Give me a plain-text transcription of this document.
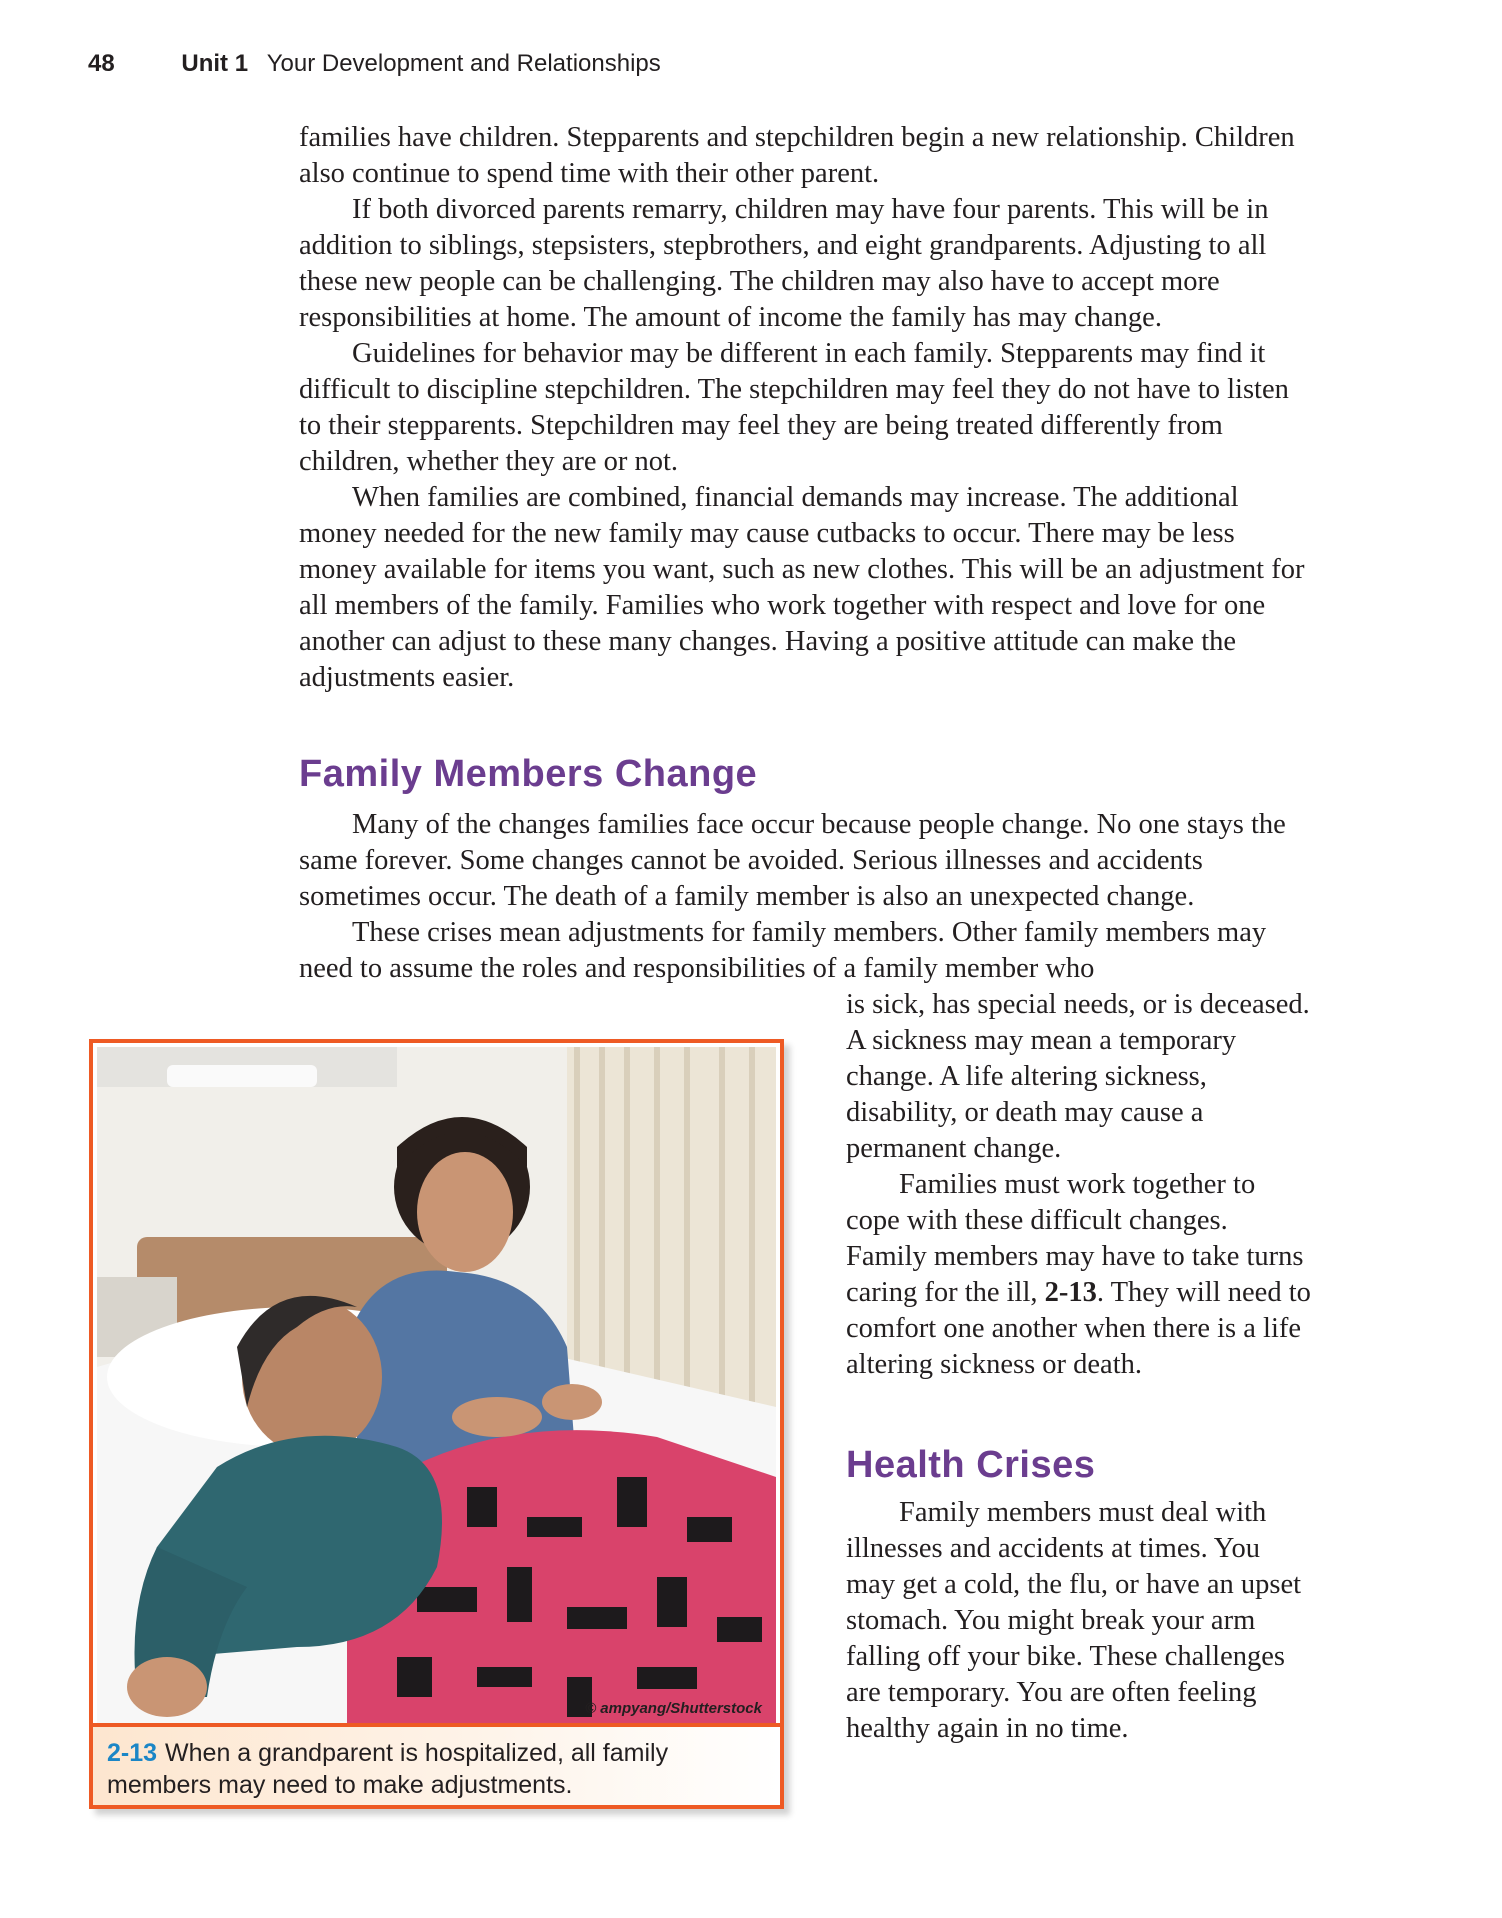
48	Unit 1 Your Development and Relationships

families have children. Stepparents and stepchildren begin a new relationship. Children also continue to spend time with their other parent.

If both divorced parents remarry, children may have four parents. This will be in addition to siblings, stepsisters, stepbrothers, and eight grandparents. Adjusting to all these new people can be challenging. The children may also have to accept more responsibilities at home. The amount of income the family has may change.

Guidelines for behavior may be different in each family. Stepparents may find it difficult to discipline stepchildren. The stepchildren may feel they do not have to listen to their stepparents. Stepchildren may feel they are being treated differently from children, whether they are or not.

When families are combined, financial demands may increase. The additional money needed for the new family may cause cutbacks to occur. There may be less money available for items you want, such as new clothes. This will be an adjustment for all members of the family. Families who work together with respect and love for one another can adjust to these many changes. Having a positive attitude can make the adjustments easier.

Family Members Change

Many of the changes families face occur because people change. No one stays the same forever. Some changes cannot be avoided. Serious illnesses and accidents sometimes occur. The death of a family member is also an unexpected change.

These crises mean adjustments for family members. Other family members may need to assume the roles and responsibilities of a family member who

is sick, has special needs, or is deceased. A sickness may mean a temporary change. A life altering sickness, disability, or death may cause a permanent change.

Families must work together to cope with these difficult changes. Family members may have to take turns caring for the ill, 2-13. They will need to comfort one another when there is a life altering sickness or death.

Health Crises

Family members must deal with illnesses and accidents at times. You may get a cold, the flu, or have an upset stomach. You might break your arm falling off your bike. These challenges are temporary. You are often feeling healthy again in no time.

© ampyang/Shutterstock
2-13 When a grandparent is hospitalized, all family members may need to make adjustments.
